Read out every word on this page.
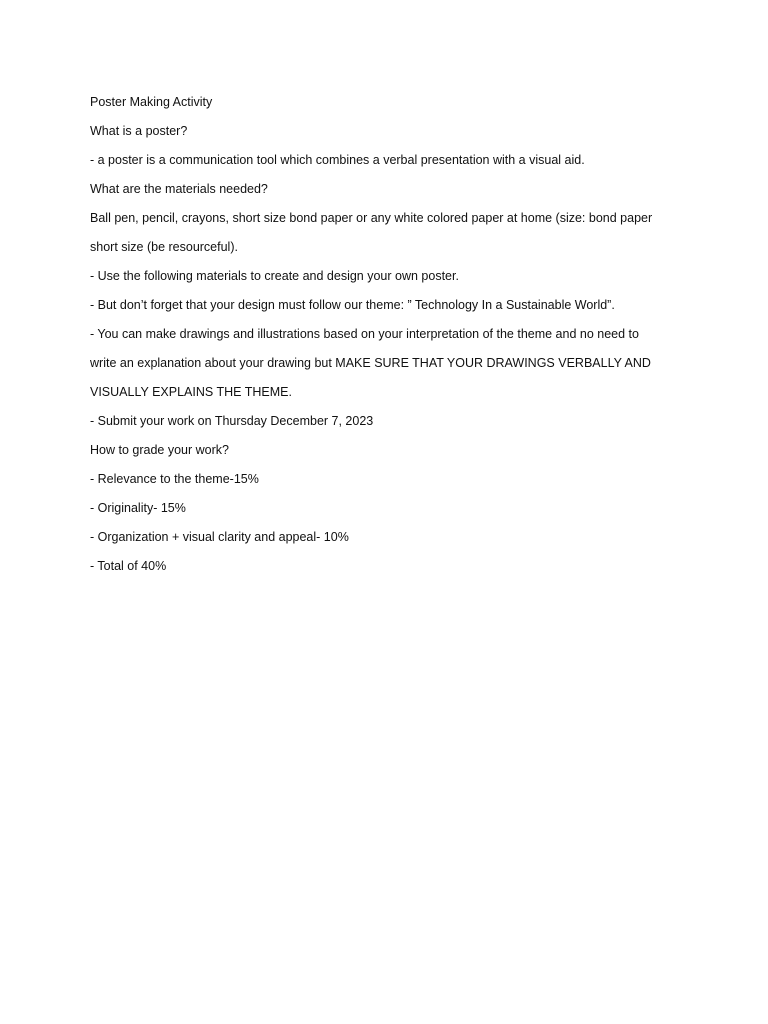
Poster Making Activity
What is a poster?
- a poster is a communication tool which combines a verbal presentation with a visual aid.
What are the materials needed?
Ball pen, pencil, crayons, short size bond paper or any white colored paper at home (size: bond paper
short size (be resourceful).
- Use the following materials to create and design your own poster.
- But don’t forget that your design must follow our theme: ” Technology In a Sustainable World”.
- You can make drawings and illustrations based on your interpretation of the theme and no need to
write an explanation about your drawing but MAKE SURE THAT YOUR DRAWINGS VERBALLY AND
VISUALLY EXPLAINS THE THEME.
- Submit your work on Thursday December 7, 2023
How to grade your work?
- Relevance to the theme-15%
- Originality- 15%
- Organization + visual clarity and appeal- 10%
- Total of 40%
